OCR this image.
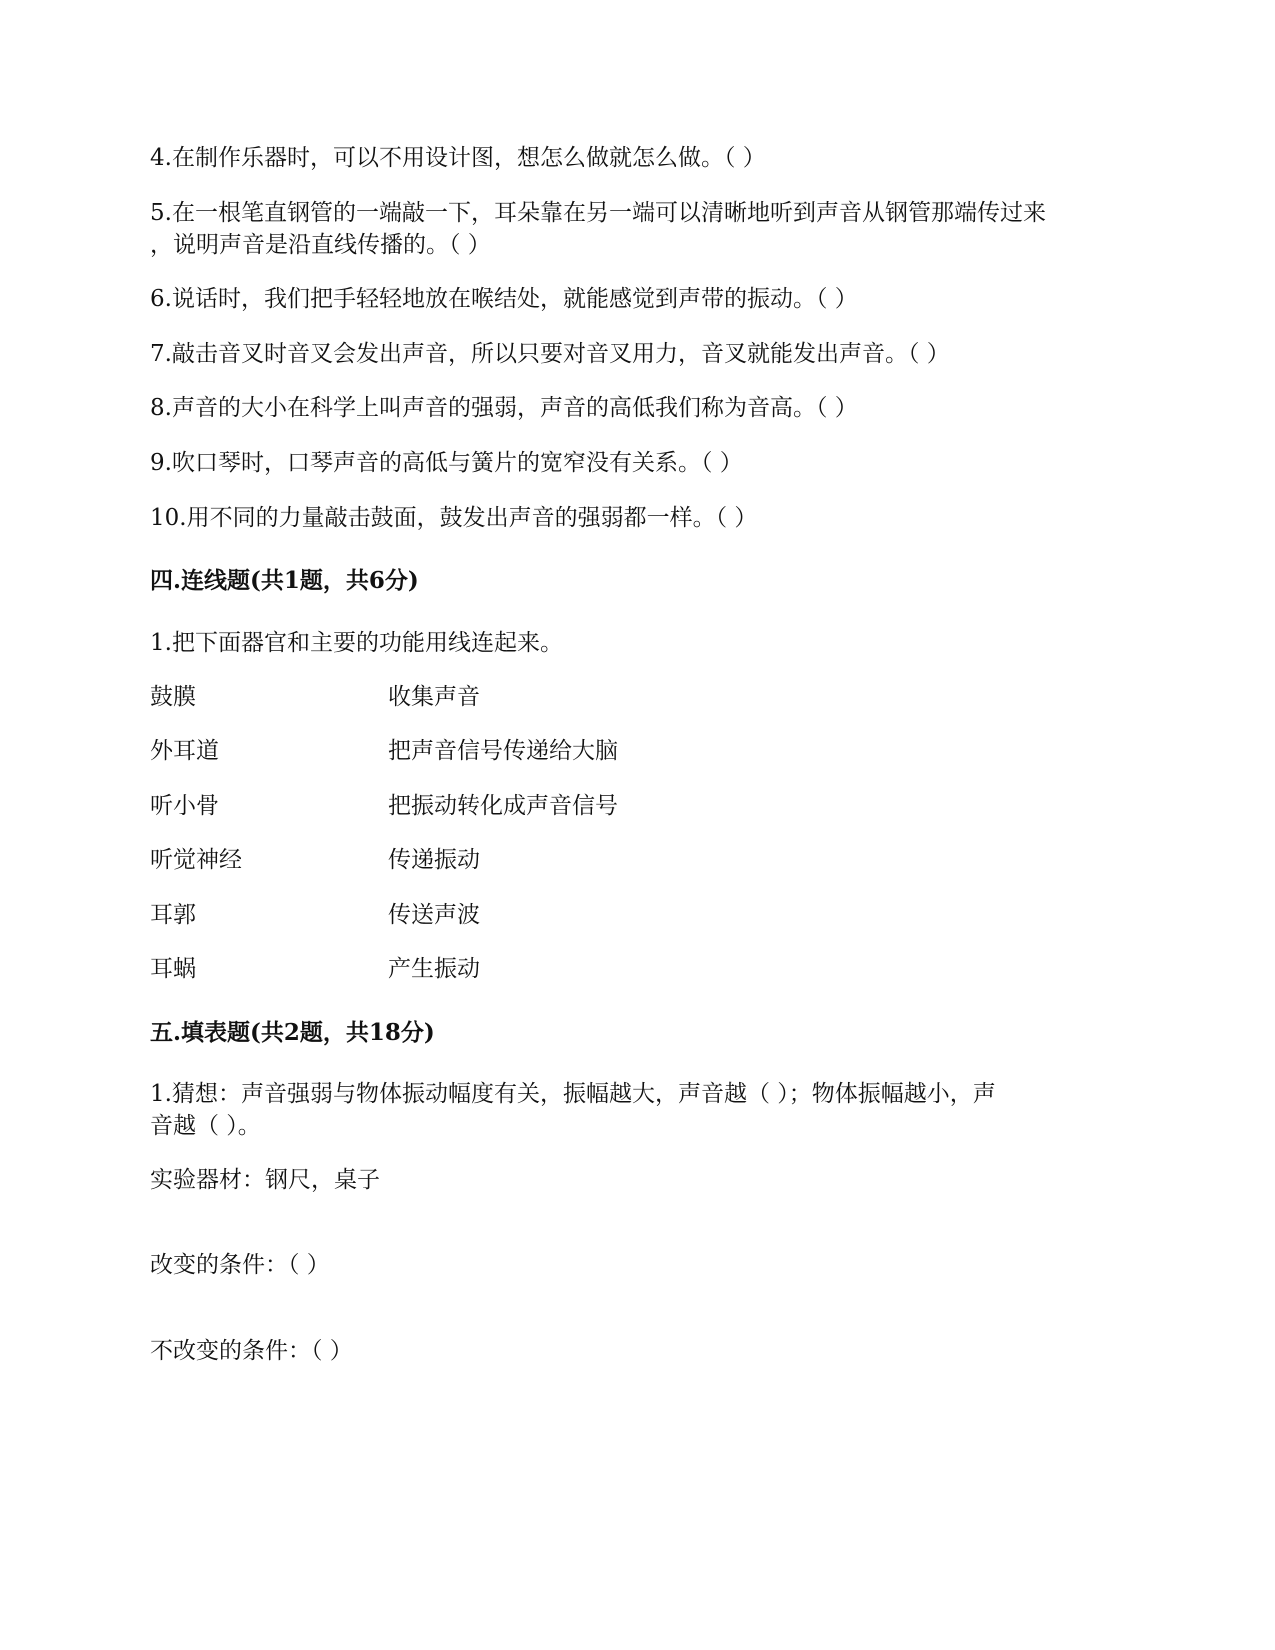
4.在制作乐器时，可以不用设计图，想怎么做就怎么做。（ ）
5.在一根笔直钢管的一端敲一下，耳朵靠在另一端可以清晰地听到声音从钢管那端传过来
，说明声音是沿直线传播的。（ ）
6.说话时，我们把手轻轻地放在喉结处，就能感觉到声带的振动。（ ）
7.敲击音叉时音叉会发出声音，所以只要对音叉用力，音叉就能发出声音。（ ）
8.声音的大小在科学上叫声音的强弱，声音的高低我们称为音高。（ ）
9.吹口琴时，口琴声音的高低与簧片的宽窄没有关系。（ ）
10.用不同的力量敲击鼓面，鼓发出声音的强弱都一样。（ ）
四.连线题(共1题，共6分)
1.把下面器官和主要的功能用线连起来。
鼓膜	收集声音
外耳道	把声音信号传递给大脑
听小骨	把振动转化成声音信号
听觉神经	传递振动
耳郭	传送声波
耳蜗	产生振动
五.填表题(共2题，共18分)
1.猜想：声音强弱与物体振动幅度有关，振幅越大，声音越（ ）；物体振幅越小，声
音越（ ）。
实验器材：钢尺，桌子
改变的条件：（ ）
不改变的条件：（ ）
